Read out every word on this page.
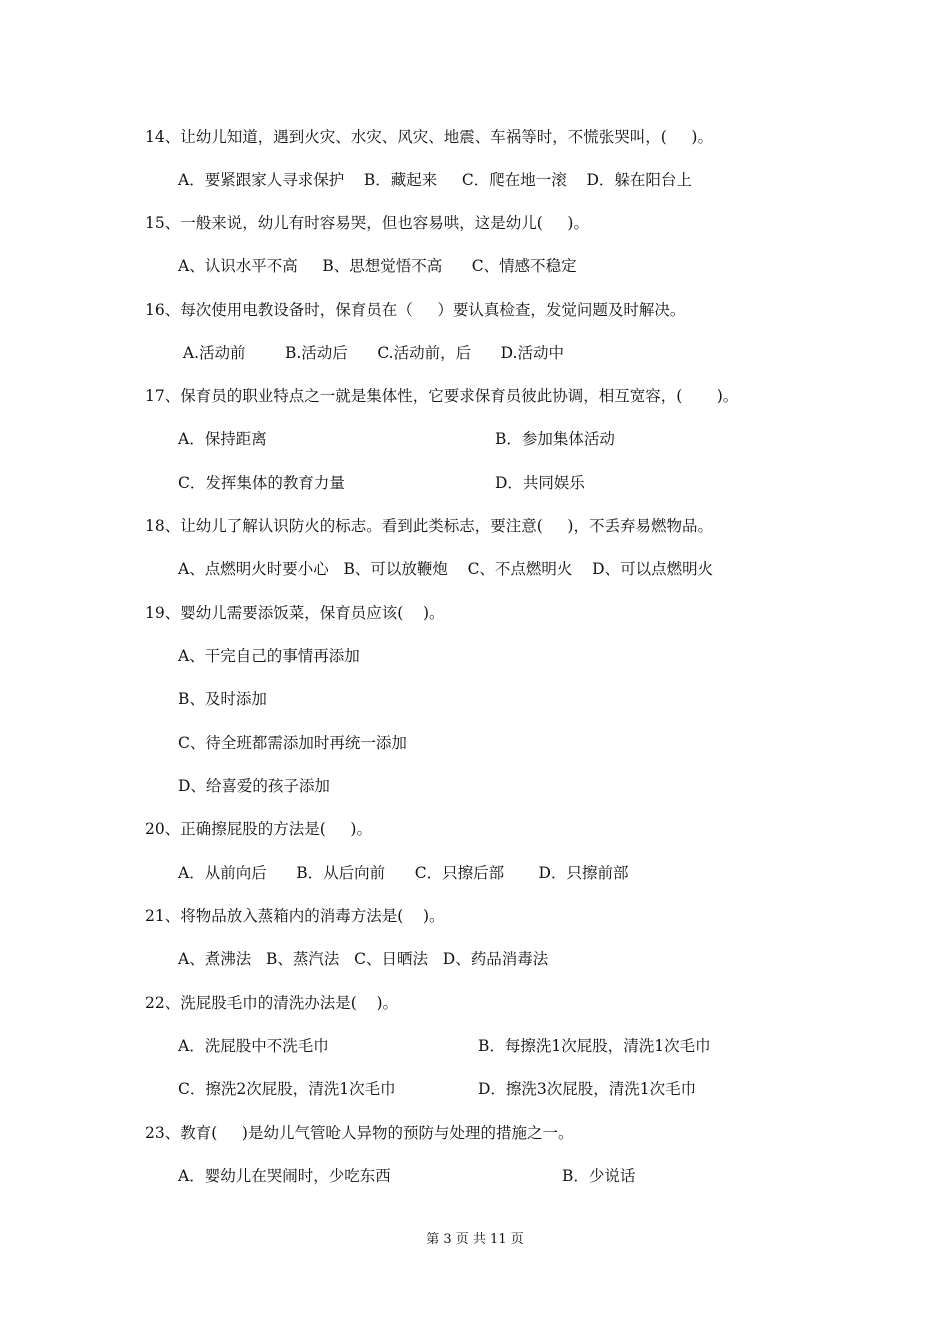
14、让幼儿知道，遇到火灾、水灾、风灾、地震、车祸等时，不慌张哭叫，(     )。
A．要紧跟家人寻求保护    B．藏起来     C．爬在地一滚    D．躲在阳台上
15、一般来说，幼儿有时容易哭，但也容易哄，这是幼儿(     )。
A、认识水平不高     B、思想觉悟不高      C、情感不稳定
16、每次使用电教设备时，保育员在（     ）要认真检查，发觉问题及时解决。
A.活动前        B.活动后      C.活动前，后      D.活动中
17、保育员的职业特点之一就是集体性，它要求保育员彼此协调，相互宽容，(       )。
A．保持距离	B．参加集体活动
C．发挥集体的教育力量	D．共同娱乐
18、让幼儿了解认识防火的标志。看到此类标志，要注意(     )，不丢弃易燃物品。
A、点燃明火时要小心   B、可以放鞭炮    C、不点燃明火    D、可以点燃明火
19、婴幼儿需要添饭菜，保育员应该(    )。
A、干完自己的事情再添加
B、及时添加
C、待全班都需添加时再统一添加
D、给喜爱的孩子添加
20、正确擦屁股的方法是(     )。
A．从前向后      B．从后向前      C．只擦后部       D．只擦前部
21、将物品放入蒸箱内的消毒方法是(    )。
A、煮沸法   B、蒸汽法   C、日晒法   D、药品消毒法
22、洗屁股毛巾的清洗办法是(    )。
A．洗屁股中不洗毛巾	B．每擦洗1次屁股，清洗1次毛巾
C．擦洗2次屁股，清洗1次毛巾	D．擦洗3次屁股，清洗1次毛巾
23、教育(     )是幼儿气管呛人异物的预防与处理的措施之一。
A．婴幼儿在哭闹时，少吃东西	B．少说话
第 3 页 共 11 页
